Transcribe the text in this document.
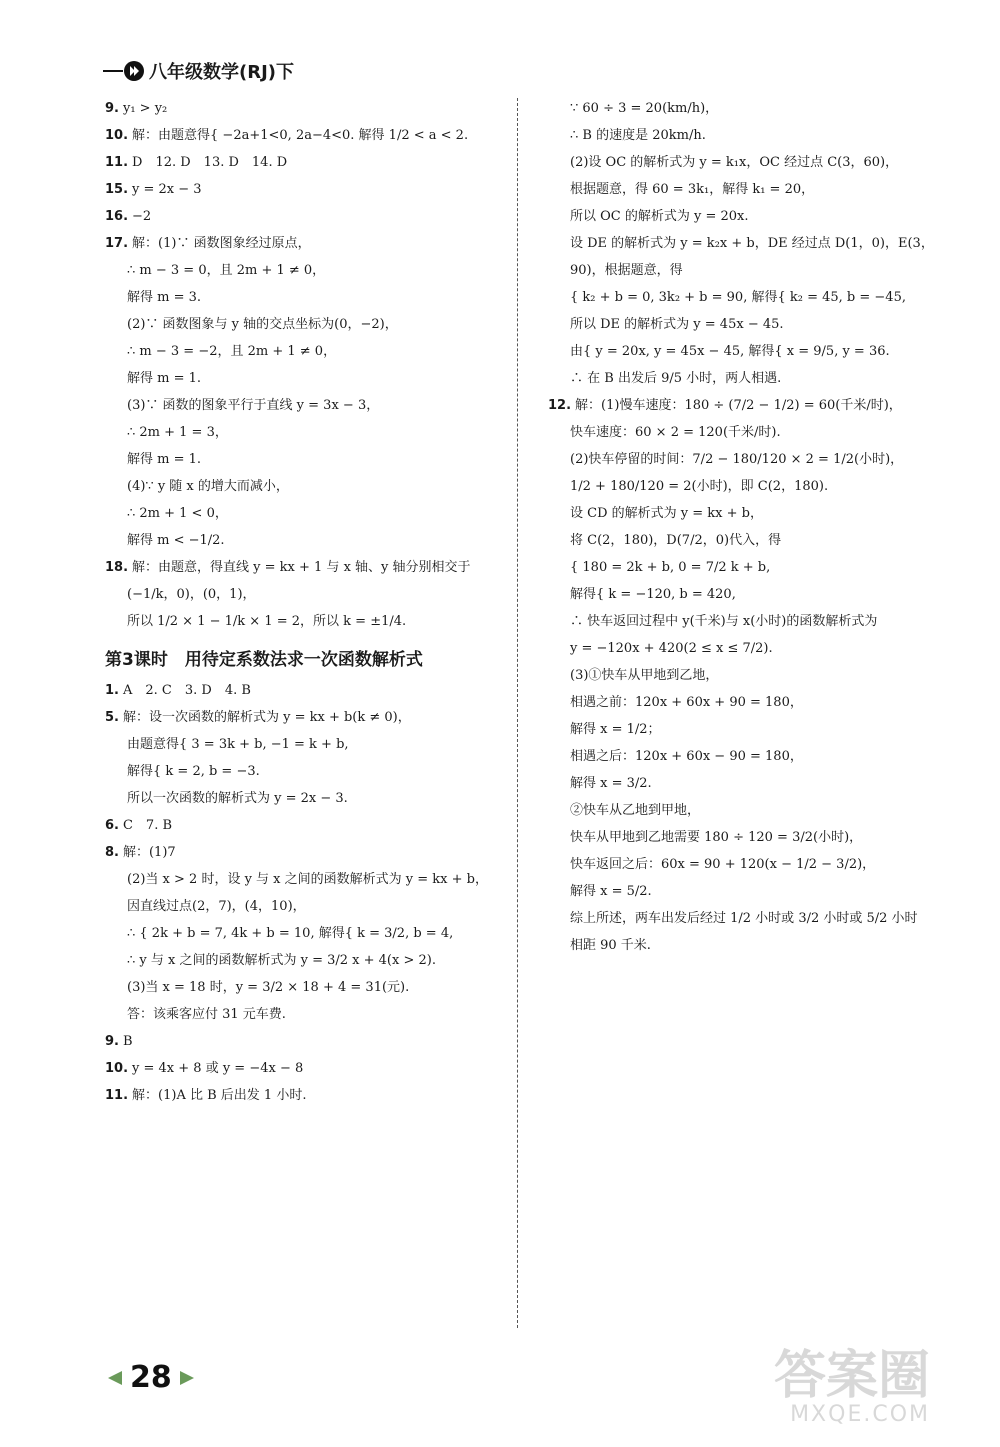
八年级数学(RJ)下
9. y₁ > y₂
10. 解：由题意得{ −2a+1<0, 2a−4<0. 解得 1/2 < a < 2.
11. D　12. D　13. D　14. D
15. y = 2x − 3
16. −2
17. 解：(1)∵ 函数图象经过原点，
∴ m − 3 = 0，且 2m + 1 ≠ 0，
解得 m = 3.
(2)∵ 函数图象与 y 轴的交点坐标为(0，−2)，
∴ m − 3 = −2，且 2m + 1 ≠ 0，
解得 m = 1.
(3)∵ 函数的图象平行于直线 y = 3x − 3，
∴ 2m + 1 = 3，
解得 m = 1.
(4)∵ y 随 x 的增大而减小，
∴ 2m + 1 < 0，
解得 m < −1/2.
18. 解：由题意，得直线 y = kx + 1 与 x 轴、y 轴分别相交于
(−1/k，0)，(0，1)，
所以 1/2 × 1 − 1/k × 1 = 2，所以 k = ±1/4.
第3课时　用待定系数法求一次函数解析式
1. A　2. C　3. D　4. B
5. 解：设一次函数的解析式为 y = kx + b(k ≠ 0)，
由题意得{ 3 = 3k + b, −1 = k + b,
解得{ k = 2, b = −3.
所以一次函数的解析式为 y = 2x − 3.
6. C　7. B
8. 解：(1)7
(2)当 x > 2 时，设 y 与 x 之间的函数解析式为 y = kx + b，
因直线过点(2，7)，(4，10)，
∴ { 2k + b = 7, 4k + b = 10, 解得{ k = 3/2, b = 4,
∴ y 与 x 之间的函数解析式为 y = 3/2 x + 4(x > 2).
(3)当 x = 18 时，y = 3/2 × 18 + 4 = 31(元).
答：该乘客应付 31 元车费.
9. B
10. y = 4x + 8 或 y = −4x − 8
11. 解：(1)A 比 B 后出发 1 小时.
∵ 60 ÷ 3 = 20(km/h)，
∴ B 的速度是 20km/h.
(2)设 OC 的解析式为 y = k₁x，OC 经过点 C(3，60)，
根据题意，得 60 = 3k₁，解得 k₁ = 20，
所以 OC 的解析式为 y = 20x.
设 DE 的解析式为 y = k₂x + b，DE 经过点 D(1，0)，E(3，
90)，根据题意，得
{ k₂ + b = 0, 3k₂ + b = 90, 解得{ k₂ = 45, b = −45,
所以 DE 的解析式为 y = 45x − 45.
由{ y = 20x, y = 45x − 45, 解得{ x = 9/5, y = 36.
∴ 在 B 出发后 9/5 小时，两人相遇.
12. 解：(1)慢车速度：180 ÷ (7/2 − 1/2) = 60(千米/时)，
快车速度：60 × 2 = 120(千米/时).
(2)快车停留的时间：7/2 − 180/120 × 2 = 1/2(小时)，
1/2 + 180/120 = 2(小时)，即 C(2，180).
设 CD 的解析式为 y = kx + b，
将 C(2，180)，D(7/2，0)代入，得
{ 180 = 2k + b, 0 = 7/2 k + b,
解得{ k = −120, b = 420,
∴ 快车返回过程中 y(千米)与 x(小时)的函数解析式为
y = −120x + 420(2 ≤ x ≤ 7/2).
(3)①快车从甲地到乙地，
相遇之前：120x + 60x + 90 = 180，
解得 x = 1/2；
相遇之后：120x + 60x − 90 = 180，
解得 x = 3/2.
②快车从乙地到甲地，
快车从甲地到乙地需要 180 ÷ 120 = 3/2(小时)，
快车返回之后：60x = 90 + 120(x − 1/2 − 3/2)，
解得 x = 5/2.
综上所述，两车出发后经过 1/2 小时或 3/2 小时或 5/2 小时
相距 90 千米.
28	答案圈
MXQE.COM
